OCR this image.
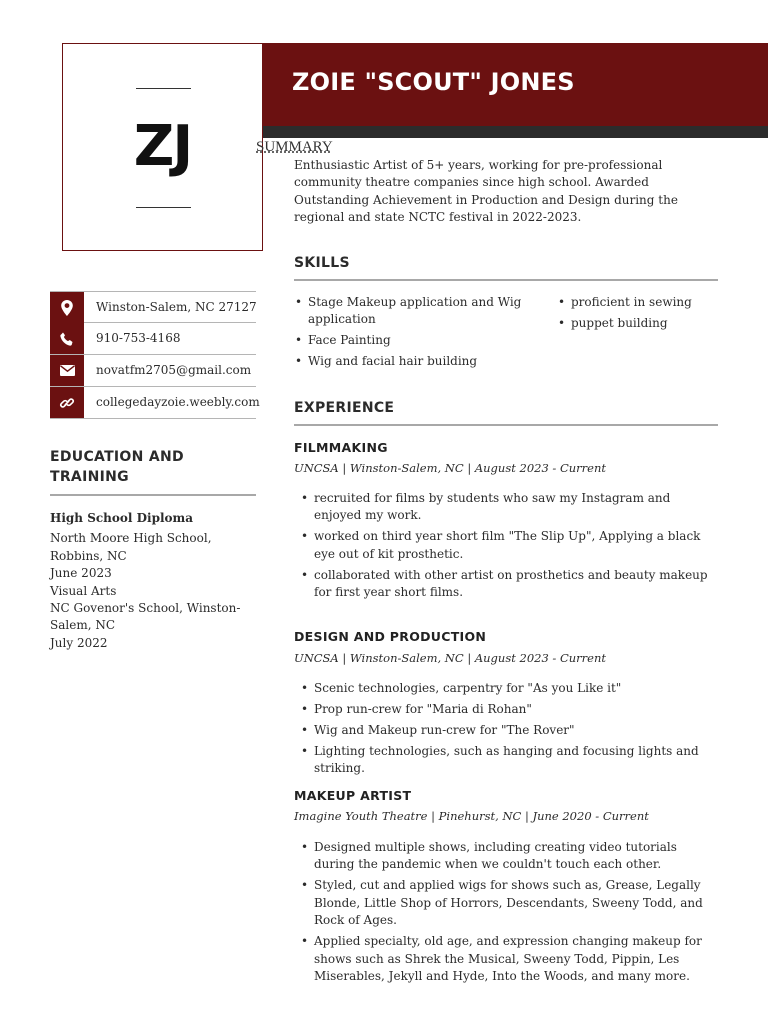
ZOIE "SCOUT" JONES
ZJ	SUMMARY
Enthusiastic Artist of 5+ years, working for pre-professional community theatre companies since high school. Awarded Outstanding Achievement in Production and Design during the regional and state NCTC festival in 2022-2023.
SKILLS
• Stage Makeup application and Wig application
• Face Painting
• Wig and facial hair building
• proficient in sewing
• puppet building
EXPERIENCE
FILMMAKING
UNCSA | Winston-Salem, NC | August 2023 - Current
• recruited for films by students who saw my Instagram and enjoyed my work.
• worked on third year short film "The Slip Up", Applying a black eye out of kit prosthetic.
• collaborated with other artist on prosthetics and beauty makeup for first year short films.
DESIGN AND PRODUCTION
UNCSA | Winston-Salem, NC | August 2023 - Current
• Scenic technologies, carpentry for "As you Like it"
• Prop run-crew for "Maria di Rohan"
• Wig and Makeup run-crew for "The Rover"
• Lighting technologies, such as hanging and focusing lights and striking.
MAKEUP ARTIST
Imagine Youth Theatre | Pinehurst, NC | June 2020 - Current
• Designed multiple shows, including creating video tutorials during the pandemic when we couldn't touch each other.
• Styled, cut and applied wigs for shows such as, Grease, Legally Blonde, Little Shop of Horrors, Descendants, Sweeny Todd, and Rock of Ages.
• Applied specialty, old age, and expression changing makeup for shows such as Shrek the Musical, Sweeny Todd, Pippin, Les Miserables, Jekyll and Hyde, Into the Woods, and many more.
Winston-Salem, NC 27127
910-753-4168
novatfm2705@gmail.com
collegedayzoie.weebly.com
EDUCATION AND TRAINING
High School Diploma
North Moore High School, Robbins, NC
June 2023
Visual Arts
NC Govenor's School, Winston-Salem, NC
July 2022
